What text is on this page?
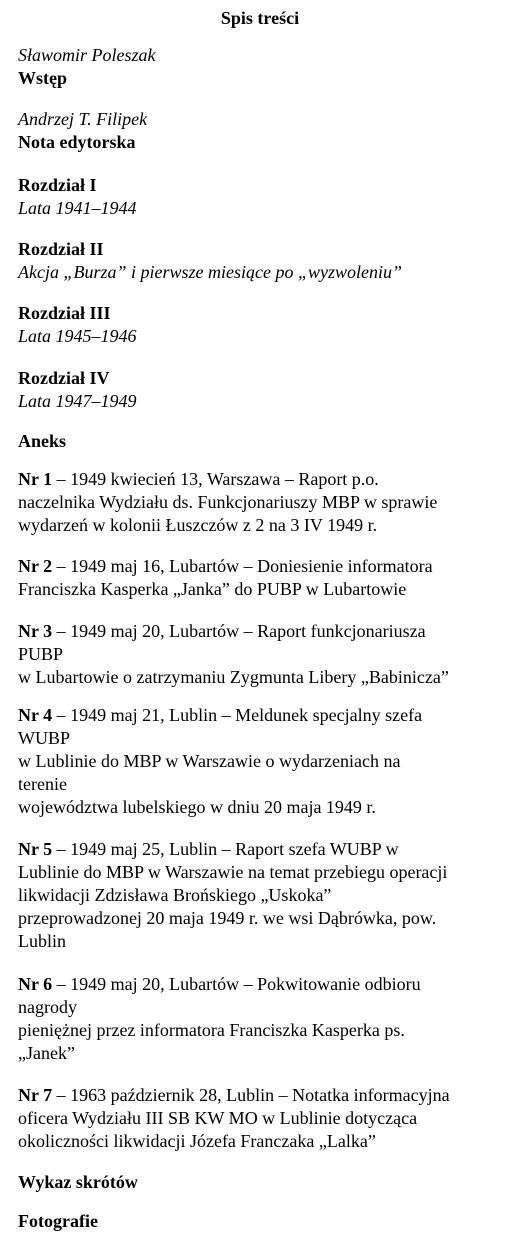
Spis treści
Sławomir Poleszak
Wstęp
Andrzej T. Filipek
Nota edytorska
Rozdział I
Lata 1941–1944
Rozdział II
Akcja „Burza” i pierwsze miesiące po „wyzwoleniu”
Rozdział III
Lata 1945–1946
Rozdział IV
Lata 1947–1949
Aneks
Nr 1 – 1949 kwiecień 13, Warszawa – Raport p.o.
naczelnika Wydziału ds. Funkcjonariuszy MBP w sprawie
wydarzeń w kolonii Łuszczów z 2 na 3 IV 1949 r.
Nr 2 – 1949 maj 16, Lubartów – Doniesienie informatora
Franciszka Kasperka „Janka” do PUBP w Lubartowie
Nr 3 – 1949 maj 20, Lubartów – Raport funkcjonariusza
PUBP
w Lubartowie o zatrzymaniu Zygmunta Libery „Babinicza”
Nr 4 – 1949 maj 21, Lublin – Meldunek specjalny szefa
WUBP
w Lublinie do MBP w Warszawie o wydarzeniach na
terenie
województwa lubelskiego w dniu 20 maja 1949 r.
Nr 5 – 1949 maj 25, Lublin – Raport szefa WUBP w
Lublinie do MBP w Warszawie na temat przebiegu operacji
likwidacji Zdzisława Brońskiego „Uskoka”
przeprowadzonej 20 maja 1949 r. we wsi Dąbrówka, pow.
Lublin
Nr 6 – 1949 maj 20, Lubartów – Pokwitowanie odbioru
nagrody
pieniężnej przez informatora Franciszka Kasperka ps.
„Janek”
Nr 7 – 1963 październik 28, Lublin – Notatka informacyjna
oficera Wydziału III SB KW MO w Lublinie dotycząca
okoliczności likwidacji Józefa Franczaka „Lalka”
Wykaz skrótów
Fotografie
